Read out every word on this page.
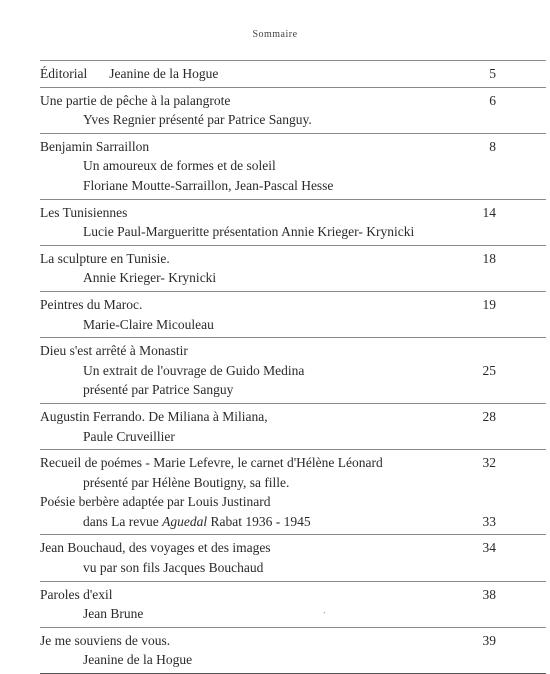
Sommaire
Éditorial Jeanine de la Hogue	5
Une partie de pêche à la palangrote	6
Yves Regnier présenté par Patrice Sanguy.
Benjamin Sarraillon	8
Un amoureux de formes et de soleil
Floriane Moutte-Sarraillon, Jean-Pascal Hesse
Les Tunisiennes	14
Lucie Paul-Margueritte présentation Annie Krieger- Krynicki
La sculpture en Tunisie.	18
Annie Krieger- Krynicki
Peintres du Maroc.	19
Marie-Claire Micouleau
Dieu s'est arrêté à Monastir
Un extrait de l'ouvrage de Guido Medina	25
présenté par Patrice Sanguy
Augustin Ferrando. De Miliana à Miliana,	28
Paule Cruveillier
Recueil de poémes - Marie Lefevre, le carnet d'Hélène Léonard	32
présenté par Hélène Boutigny, sa fille.
Poésie berbère adaptée par Louis Justinard
dans La revue Aguedal Rabat 1936 - 1945	33
Jean Bouchaud, des voyages et des images	34
vu par son fils Jacques Bouchaud
Paroles d'exil	38
Jean Brune
Je me souviens de vous.	39
Jeanine de la Hogue
´
